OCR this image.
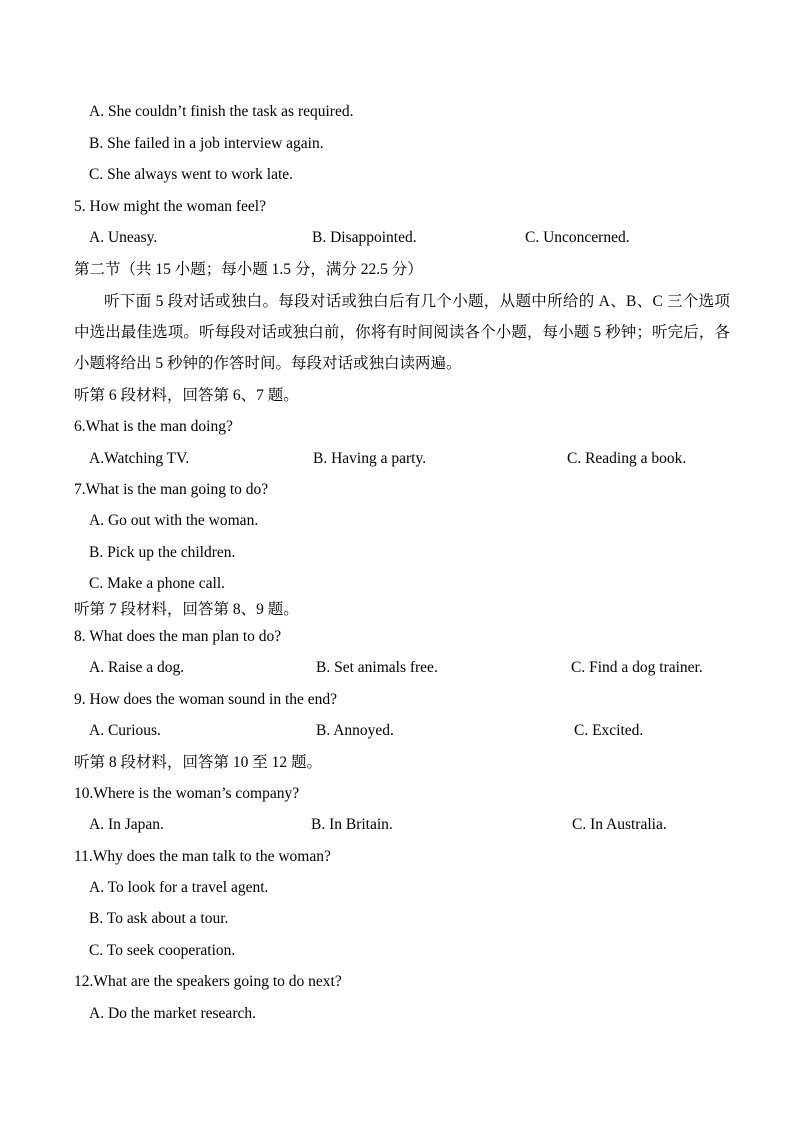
A. She couldn’t finish the task as required.
B. She failed in a job interview again.
C. She always went to work late.
5. How might the woman feel?
A. Uneasy.	B. Disappointed.	C. Unconcerned.
第二节（共 15 小题；每小题 1.5 分，满分 22.5 分）
听下面 5 段对话或独白。每段对话或独白后有几个小题，从题中所给的 A、B、C 三个选项中选出最佳选项。听每段对话或独白前，你将有时间阅读各个小题，每小题 5 秒钟；听完后，各小题将给出 5 秒钟的作答时间。每段对话或独白读两遍。
听第 6 段材料，回答第 6、7 题。
6.What is the man doing?
A.Watching TV.	B. Having a party.	C. Reading a book.
7.What is the man going to do?
A. Go out with the woman.
B. Pick up the children.
C. Make a phone call.
听第 7 段材料，回答第 8、9 题。
8. What does the man plan to do?
A. Raise a dog.	B. Set animals free.	C. Find a dog trainer.
9. How does the woman sound in the end?
A. Curious.	B. Annoyed.	C. Excited.
听第 8 段材料，回答第 10 至 12 题。
10.Where is the woman’s company?
A. In Japan.	B. In Britain.	C. In Australia.
11.Why does the man talk to the woman?
A. To look for a travel agent.
B. To ask about a tour.
C. To seek cooperation.
12.What are the speakers going to do next?
A. Do the market research.
